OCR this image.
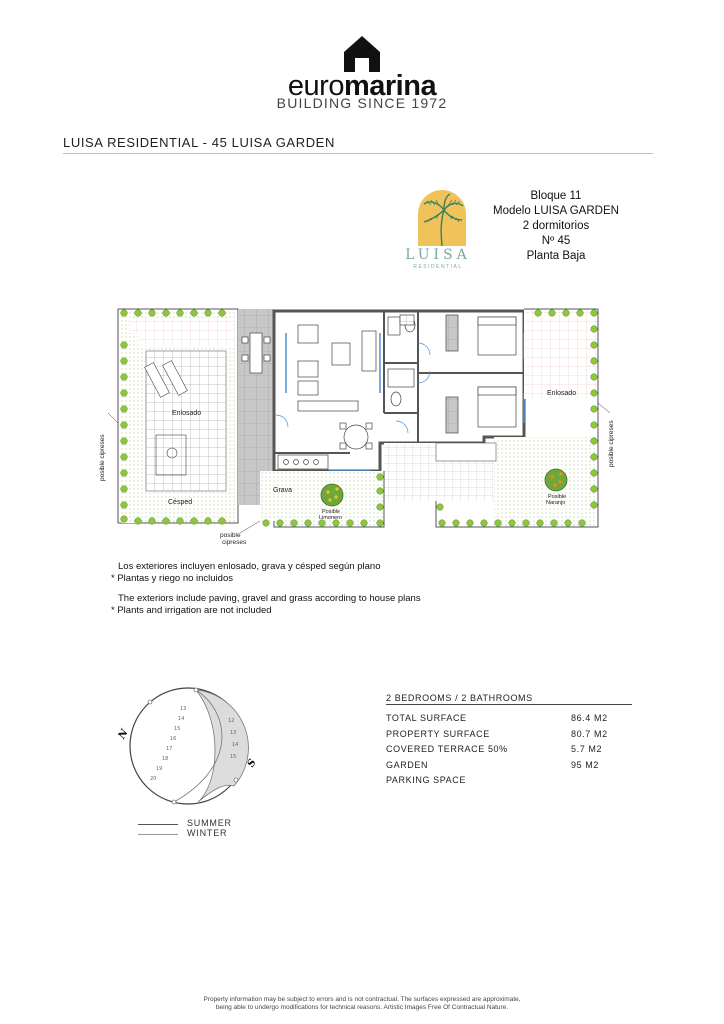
euromarina
BUILDING SINCE 1972
LUISA RESIDENTIAL - 45 LUISA GARDEN
LUISA
RESIDENTIAL
Bloque 11
Modelo LUISA GARDEN
2 dormitorios
Nº 45
Planta Baja
Enlosado
Césped
Grava
Enlosado
posible cipreses	posible cipreses
posible
cipreses
Posible
Limonero
Posible
Naranjo
Los exteriores incluyen enlosado, grava y césped según plano
* Plantas y riego no incluidos
The exteriors include paving, gravel and grass according to house plans
* Plants and irrigation are not included
13
14
15
16
17
18
19
20
12
13
14
15
N
S
SUMMER
WINTER
2 BEDROOMS / 2 BATHROOMS
TOTAL SURFACE	86.4 M2
PROPERTY SURFACE	80.7 M2
COVERED TERRACE 50%	5.7 M2
GARDEN	95 M2
PARKING SPACE
Property information may be subject to errors and is not contractual. The surfaces expressed are approximate,
being able to undergo modifications for technical reasons. Artistic Images Free Of Contractual Nature.
